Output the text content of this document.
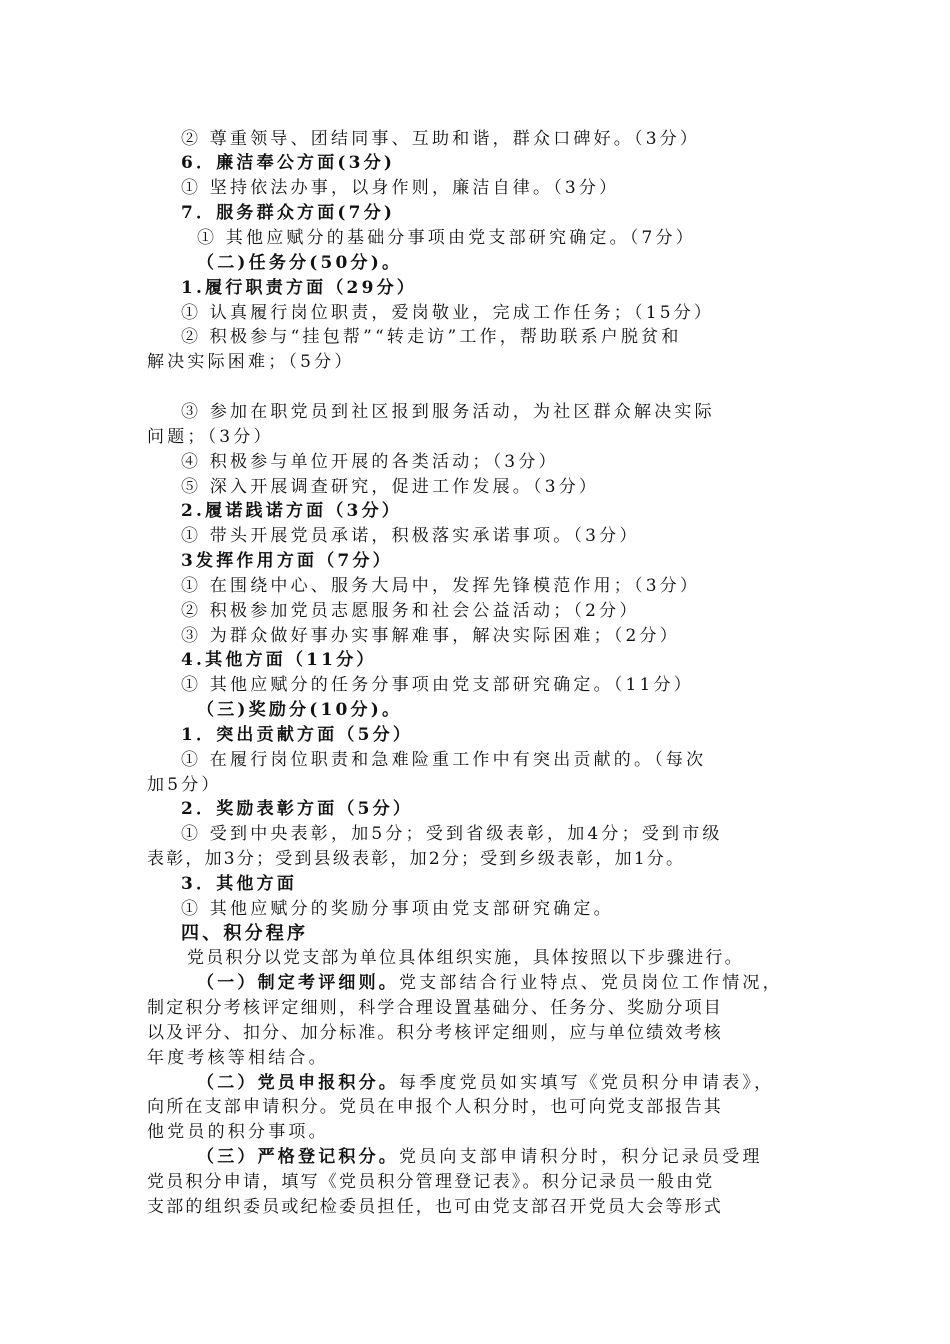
② 尊重领导、团结同事、互助和谐，群众口碑好。（3分）
6．廉洁奉公方面(3分)
① 坚持依法办事，以身作则，廉洁自律。（3分）
7．服务群众方面(7分)
① 其他应赋分的基础分事项由党支部研究确定。（7分）
（二)任务分(50分)。
1.履行职责方面（29分）
① 认真履行岗位职责，爱岗敬业，完成工作任务；（15分）
② 积极参与“挂包帮”“转走访”工作，帮助联系户脱贫和
解决实际困难；（5分）
③ 参加在职党员到社区报到服务活动，为社区群众解决实际
问题；（3分）
④ 积极参与单位开展的各类活动；（3分）
⑤ 深入开展调查研究，促进工作发展。（3分）
2.履诺践诺方面（3分）
① 带头开展党员承诺，积极落实承诺事项。（3分）
3发挥作用方面（7分）
① 在围绕中心、服务大局中，发挥先锋模范作用；（3分）
② 积极参加党员志愿服务和社会公益活动；（2分）
③ 为群众做好事办实事解难事，解决实际困难；（2分）
4.其他方面（11分）
① 其他应赋分的任务分事项由党支部研究确定。（11分）
（三)奖励分(10分)。
1．突出贡献方面（5分）
① 在履行岗位职责和急难险重工作中有突出贡献的。（每次
加5分）
2．奖励表彰方面（5分）
① 受到中央表彰，加5分；受到省级表彰，加4分；受到市级
表彰，加3分；受到县级表彰，加2分；受到乡级表彰，加1分。
3．其他方面
① 其他应赋分的奖励分事项由党支部研究确定。
四、积分程序
党员积分以党支部为单位具体组织实施，具体按照以下步骤进行。
（一）制定考评细则。党支部结合行业特点、党员岗位工作情况，
制定积分考核评定细则，科学合理设置基础分、任务分、奖励分项目
以及评分、扣分、加分标准。积分考核评定细则，应与单位绩效考核
年度考核等相结合。
（二）党员申报积分。每季度党员如实填写《党员积分申请表》，
向所在支部申请积分。党员在申报个人积分时，也可向党支部报告其
他党员的积分事项。
（三）严格登记积分。党员向支部申请积分时，积分记录员受理
党员积分申请，填写《党员积分管理登记表》。积分记录员一般由党
支部的组织委员或纪检委员担任，也可由党支部召开党员大会等形式
